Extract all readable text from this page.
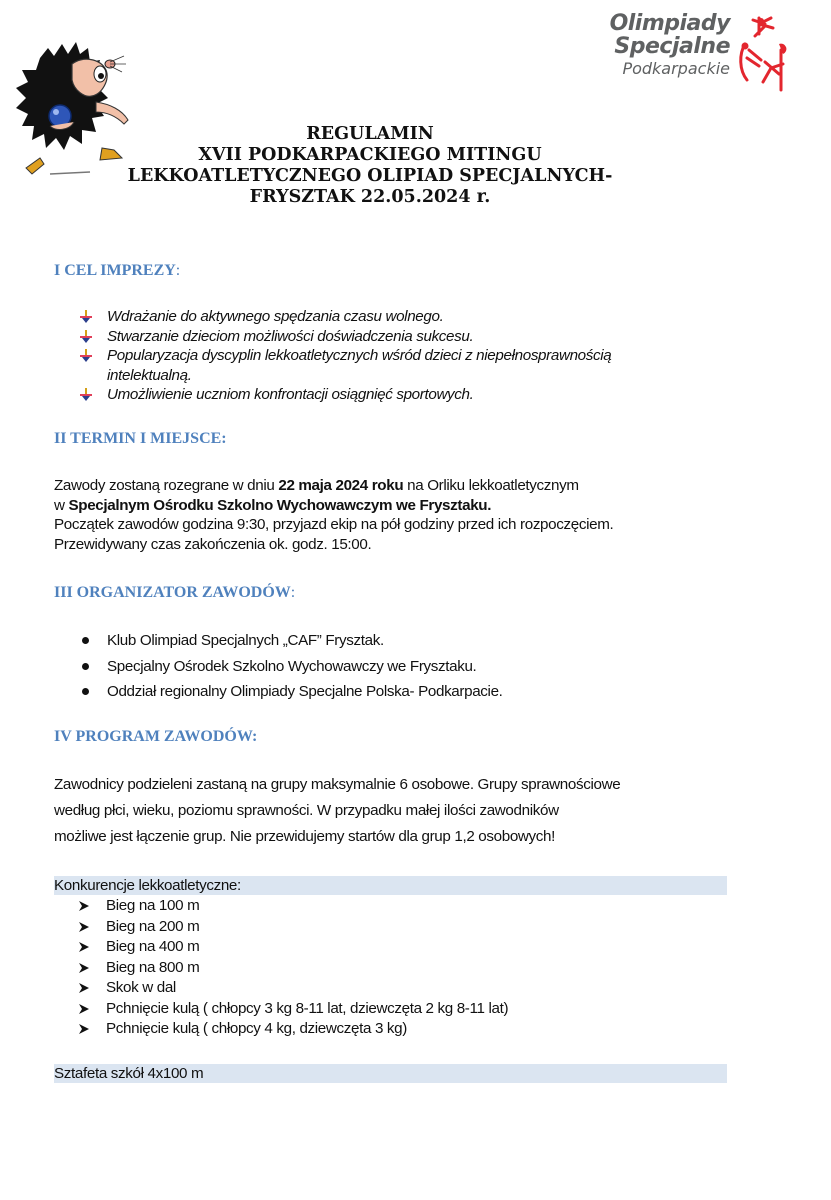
Olimpiady
Specjalne
Podkarpackie
REGULAMIN
XVII PODKARPACKIEGO MITINGU
LEKKOATLETYCZNEGO OLIPIAD SPECJALNYCH-
FRYSZTAK 22.05.2024 r.
I CEL IMPREZY:
Wdrażanie do aktywnego spędzania czasu wolnego.
Stwarzanie dzieciom możliwości doświadczenia sukcesu.
Popularyzacja dyscyplin lekkoatletycznych wśród dzieci z niepełnosprawnością
intelektualną.
Umożliwienie uczniom konfrontacji osiągnięć sportowych.
II TERMIN I MIEJSCE:
Zawody zostaną rozegrane w dniu 22 maja 2024 roku na Orliku lekkoatletycznym
w Specjalnym Ośrodku Szkolno Wychowawczym we Frysztaku.
Początek zawodów godzina 9:30, przyjazd ekip na pół godziny przed ich rozpoczęciem.
Przewidywany czas zakończenia ok. godz. 15:00.
III ORGANIZATOR ZAWODÓW:
Klub Olimpiad Specjalnych „CAF” Frysztak.
Specjalny Ośrodek Szkolno Wychowawczy we Frysztaku.
Oddział regionalny Olimpiady Specjalne Polska- Podkarpacie.
IV PROGRAM ZAWODÓW:
Zawodnicy podzieleni zastaną na grupy maksymalnie 6 osobowe. Grupy sprawnościowe
według płci, wieku, poziomu sprawności. W przypadku małej ilości zawodników
możliwe jest łączenie grup. Nie przewidujemy startów dla grup 1,2 osobowych!
Konkurencje lekkoatletyczne:
Bieg na 100 m
Bieg na 200 m
Bieg na 400 m
Bieg na 800 m
Skok w dal
Pchnięcie kulą ( chłopcy 3 kg 8-11 lat, dziewczęta 2 kg 8-11 lat)
Pchnięcie kulą ( chłopcy 4 kg, dziewczęta 3 kg)
Sztafeta szkół 4x100 m
